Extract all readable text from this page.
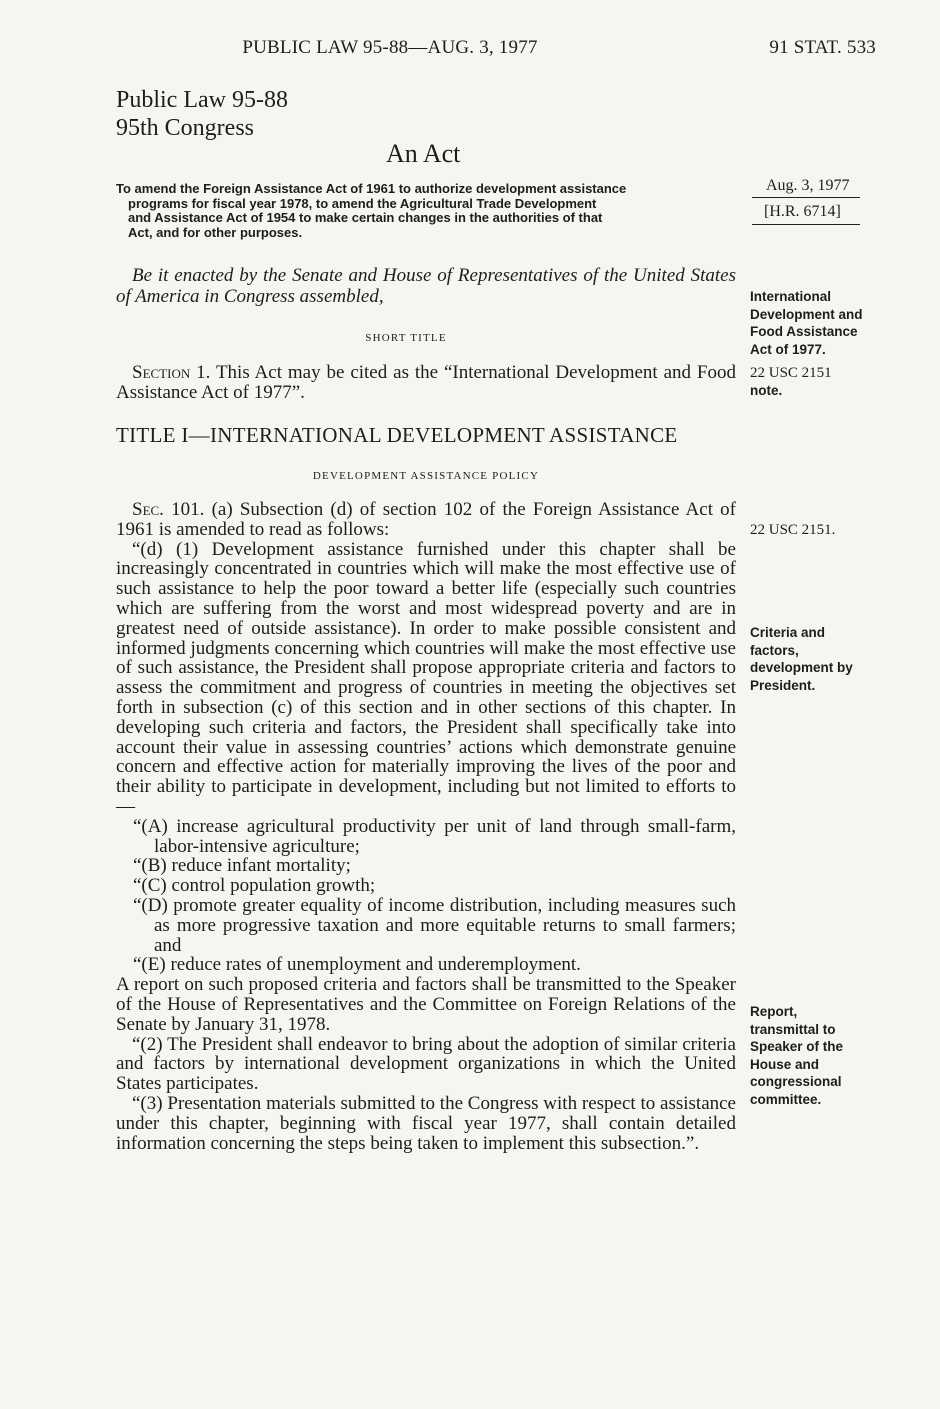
PUBLIC LAW 95-88—AUG. 3, 1977	91 STAT. 533
Public Law 95-88
95th Congress
An Act
To amend the Foreign Assistance Act of 1961 to authorize development assistance
programs for fiscal year 1978, to amend the Agricultural Trade Development
and Assistance Act of 1954 to make certain changes in the authorities of that
Act, and for other purposes.
Aug. 3, 1977
[H.R. 6714]
Be it enacted by the Senate and House of Representatives of the United States of America in Congress assembled,
SHORT TITLE
Section 1. This Act may be cited as the “International Development and Food Assistance Act of 1977”.
TITLE I—INTERNATIONAL DEVELOPMENT ASSISTANCE
DEVELOPMENT ASSISTANCE POLICY

Sec. 101. (a) Subsection (d) of section 102 of the Foreign Assistance Act of 1961 is amended to read as follows:

“(d) (1) Development assistance furnished under this chapter shall be increasingly concentrated in countries which will make the most effective use of such assistance to help the poor toward a better life (especially such countries which are suffering from the worst and most widespread poverty and are in greatest need of outside assistance). In order to make possible consistent and informed judgments concerning which countries will make the most effective use of such assistance, the President shall propose appropriate criteria and factors to assess the commitment and progress of countries in meeting the objectives set forth in subsection (c) of this section and in other sections of this chapter. In developing such criteria and factors, the President shall specifically take into account their value in assessing countries’ actions which demonstrate genuine concern and effective action for materially improving the lives of the poor and their ability to participate in development, including but not limited to efforts to—

“(A) increase agricultural productivity per unit of land through small-farm, labor-intensive agriculture;

“(B) reduce infant mortality;

“(C) control population growth;

“(D) promote greater equality of income distribution, including measures such as more progressive taxation and more equitable returns to small farmers; and

“(E) reduce rates of unemployment and underemployment.

A report on such proposed criteria and factors shall be transmitted to the Speaker of the House of Representatives and the Committee on Foreign Relations of the Senate by January 31, 1978.

“(2) The President shall endeavor to bring about the adoption of similar criteria and factors by international development organizations in which the United States participates.

“(3) Presentation materials submitted to the Congress with respect to assistance under this chapter, beginning with fiscal year 1977, shall contain detailed information concerning the steps being taken to implement this subsection.”.

International
Development and
Food Assistance
Act of 1977.
22 USC 2151
note.
22 USC 2151.
Criteria and
factors,
development by
President.
Report,
transmittal to
Speaker of the
House and
congressional
committee.
